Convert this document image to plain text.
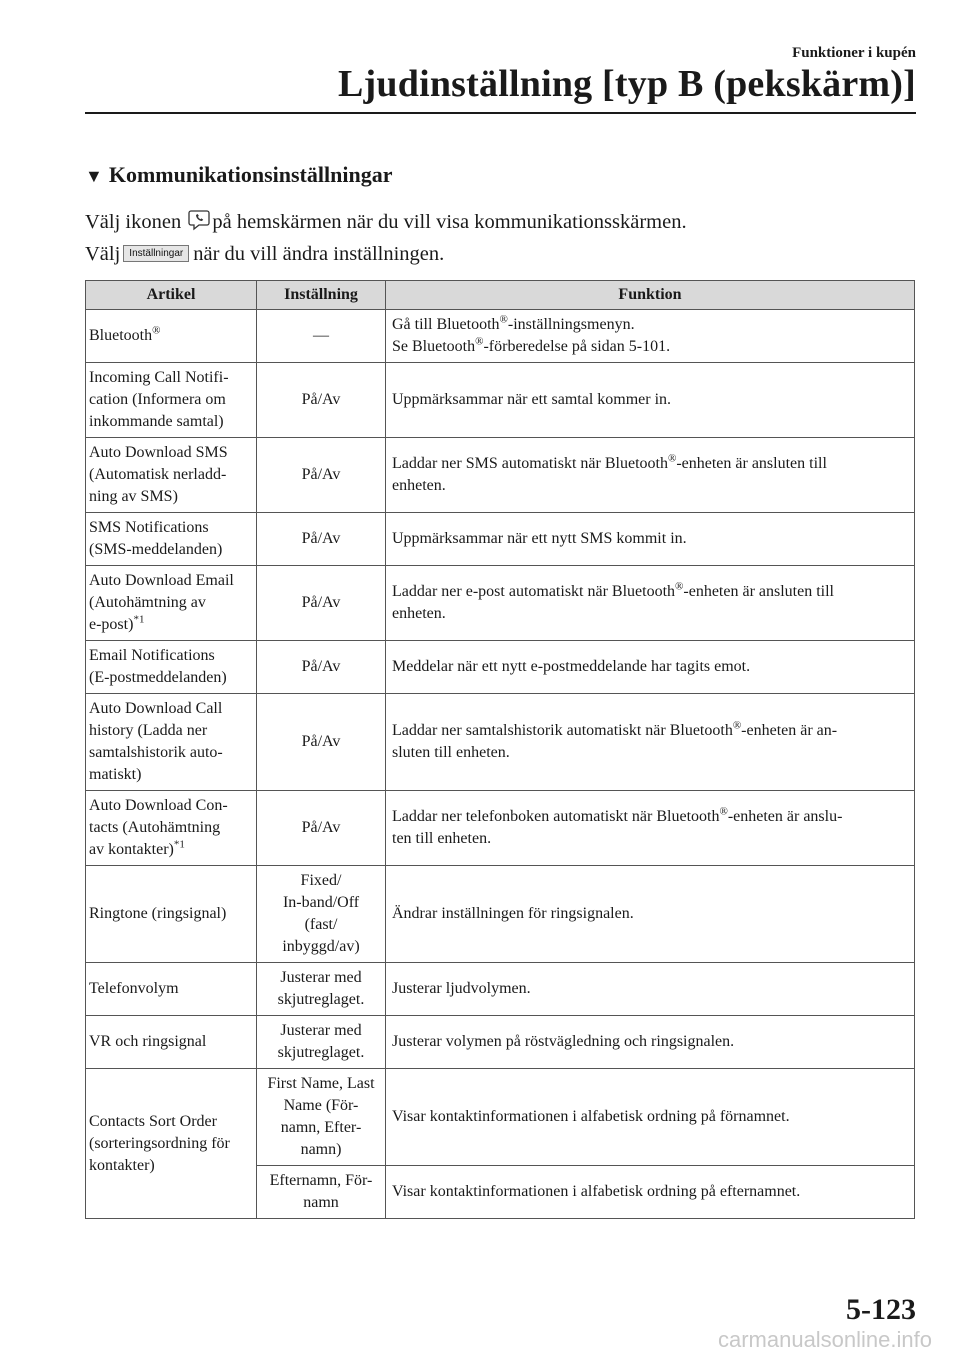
Funktioner i kupén
Ljudinställning [typ B (pekskärm)]
▼ Kommunikationsinställningar
Välj ikonen på hemskärmen när du vill visa kommunikationsskärmen.
Välj Inställningar när du vill ändra inställningen.
Artikel	Inställning	Funktion
Bluetooth®	—	Gå till Bluetooth®-inställningsmenyn.
Se Bluetooth®-förberedelse på sidan 5-101.

Incoming Call Notifi-
cation (Informera om
inkommande samtal)	På/Av	Uppmärksammar när ett samtal kommer in.
Auto Download SMS
(Automatisk nerladd-
ning av SMS)	På/Av	Laddar ner SMS automatiskt när Bluetooth®-enheten är ansluten till
enheten.
SMS Notifications
(SMS-meddelanden)	På/Av	Uppmärksammar när ett nytt SMS kommit in.
Auto Download Email
(Autohämtning av
e-post)$^{*1}$	På/Av	Laddar ner e-post automatiskt när Bluetooth®-enheten är ansluten till
enheten.
Email Notifications
(E-postmeddelanden)	På/Av	Meddelar när ett nytt e-postmeddelande har tagits emot.
Auto Download Call
history (Ladda ner
samtalshistorik auto-
matiskt)	På/Av	Laddar ner samtalshistorik automatiskt när Bluetooth®-enheten är an-
sluten till enheten.
Auto Download Con-
tacts (Autohämtning
av kontakter)$^{*1}$	På/Av	Laddar ner telefonboken automatiskt när Bluetooth®-enheten är anslu-
ten till enheten.
Ringtone (ringsignal)	Fixed/
In-band/Off
(fast/
inbyggd/av)	Ändrar inställningen för ringsignalen.
Telefonvolym	Justerar med
skjutreglaget.	Justerar ljudvolymen.
VR och ringsignal	Justerar med
skjutreglaget.	Justerar volymen på röstvägledning och ringsignalen.
Contacts Sort Order
(sorteringsordning för
kontakter)	First Name, Last
Name (För-
namn, Efter-
namn)	Visar kontaktinformationen i alfabetisk ordning på förnamnet.
	Efternamn, För-
namn	Visar kontaktinformationen i alfabetisk ordning på efternamnet.
5-123
carmanualsonline.info
